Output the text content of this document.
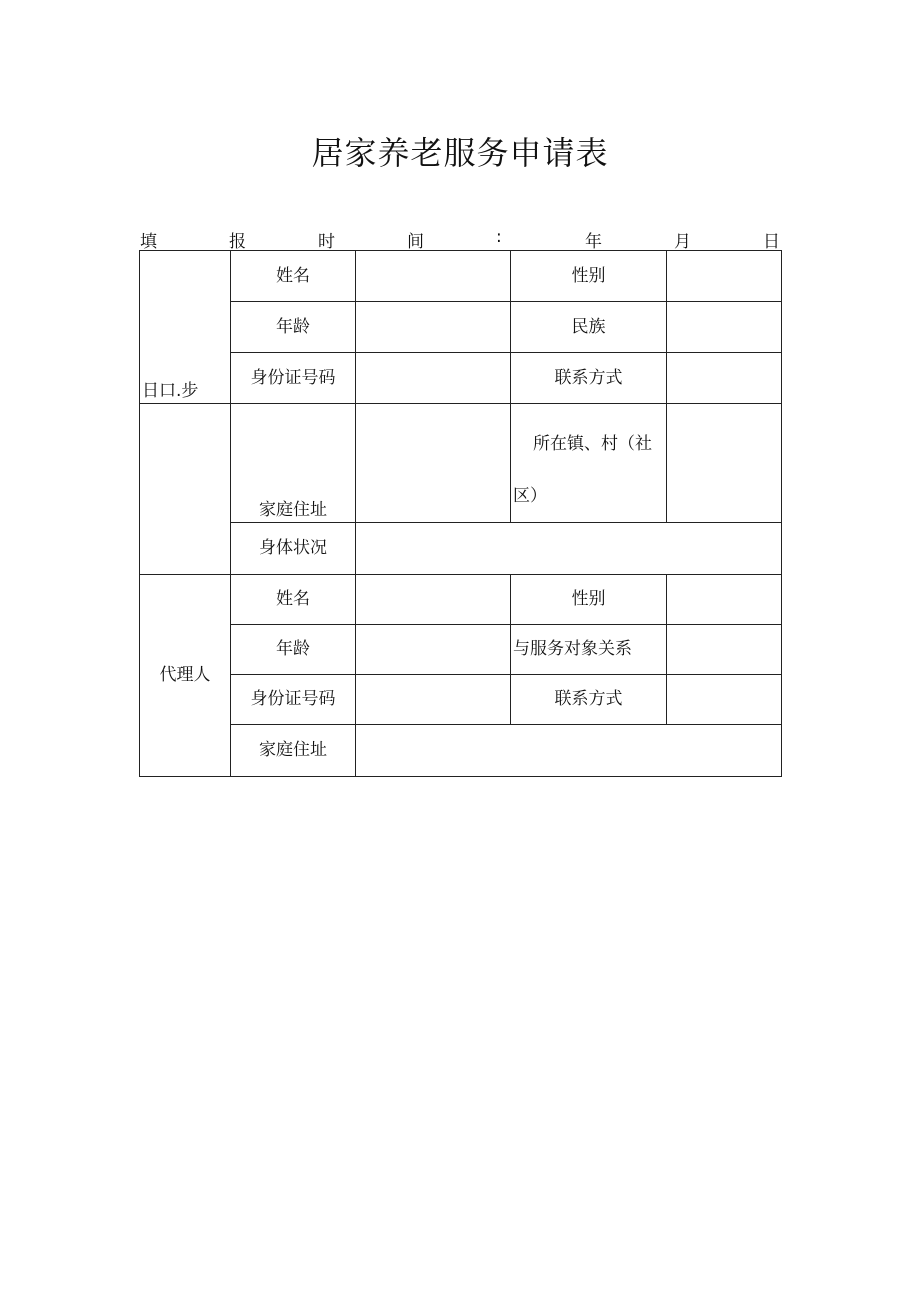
居家养老服务申请表
填	报	时	间	:	年	月	日
日口.步	姓名		性别	
	年龄		民族	
	身份证号码		联系方式	
	家庭住址		所在镇、村（社
区）	
	身体状况			
代理人	姓名		性别	
	年龄		与服务对象关系	
	身份证号码		联系方式	
	家庭住址			
